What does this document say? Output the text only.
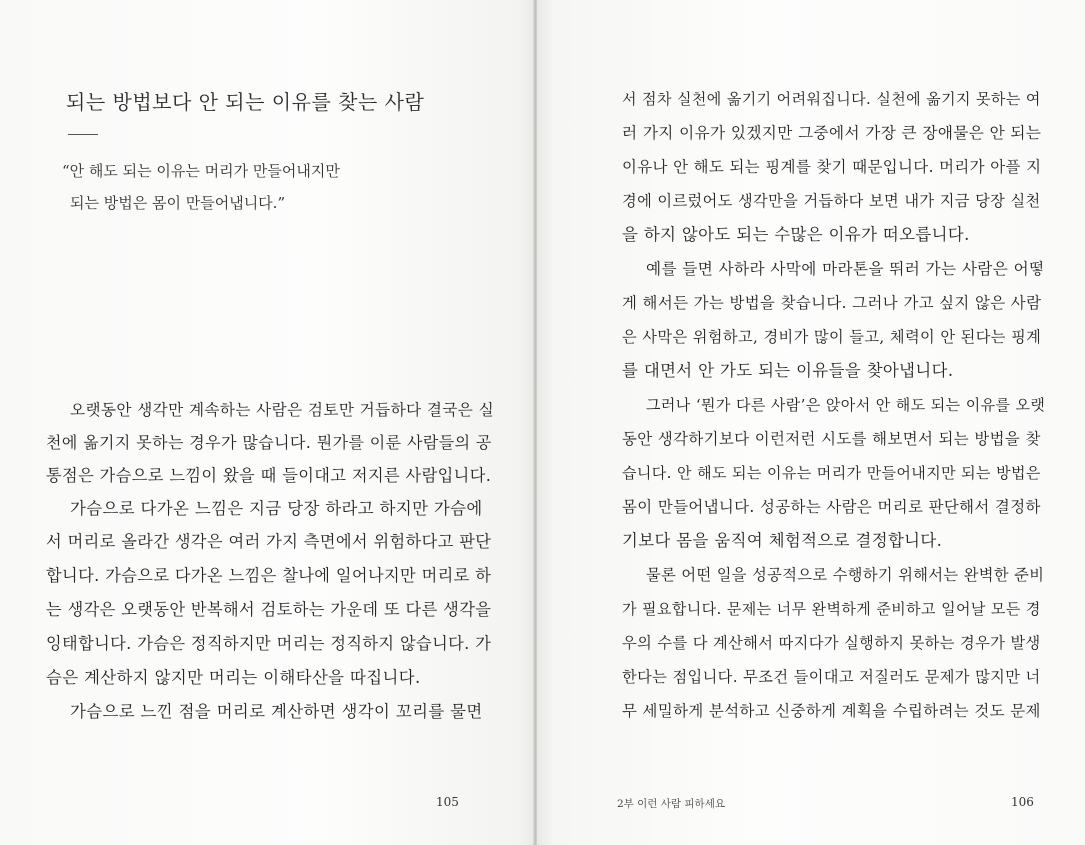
되는 방법보다 안 되는 이유를 찾는 사람
“안 해도 되는 이유는 머리가 만들어내지만
되는 방법은 몸이 만들어냅니다.”

오랫동안 생각만 계속하는 사람은 검토만 거듭하다 결국은 실

천에 옮기지 못하는 경우가 많습니다. 뭔가를 이룬 사람들의 공

통점은 가슴으로 느낌이 왔을 때 들이대고 저지른 사람입니다.

가슴으로 다가온 느낌은 지금 당장 하라고 하지만 가슴에

서 머리로 올라간 생각은 여러 가지 측면에서 위험하다고 판단

합니다. 가슴으로 다가온 느낌은 찰나에 일어나지만 머리로 하

는 생각은 오랫동안 반복해서 검토하는 가운데 또 다른 생각을

잉태합니다. 가슴은 정직하지만 머리는 정직하지 않습니다. 가

슴은 계산하지 않지만 머리는 이해타산을 따집니다.

가슴으로 느낀 점을 머리로 계산하면 생각이 꼬리를 물면

105

서 점차 실천에 옮기기 어려워집니다. 실천에 옮기지 못하는 여

러 가지 이유가 있겠지만 그중에서 가장 큰 장애물은 안 되는

이유나 안 해도 되는 핑계를 찾기 때문입니다. 머리가 아플 지

경에 이르렀어도 생각만을 거듭하다 보면 내가 지금 당장 실천

을 하지 않아도 되는 수많은 이유가 떠오릅니다.

예를 들면 사하라 사막에 마라톤을 뛰러 가는 사람은 어떻

게 해서든 가는 방법을 찾습니다. 그러나 가고 싶지 않은 사람

은 사막은 위험하고, 경비가 많이 들고, 체력이 안 된다는 핑계

를 대면서 안 가도 되는 이유들을 찾아냅니다.

그러나 ‘뭔가 다른 사람’은 앉아서 안 해도 되는 이유를 오랫

동안 생각하기보다 이런저런 시도를 해보면서 되는 방법을 찾

습니다. 안 해도 되는 이유는 머리가 만들어내지만 되는 방법은

몸이 만들어냅니다. 성공하는 사람은 머리로 판단해서 결정하

기보다 몸을 움직여 체험적으로 결정합니다.

물론 어떤 일을 성공적으로 수행하기 위해서는 완벽한 준비

가 필요합니다. 문제는 너무 완벽하게 준비하고 일어날 모든 경

우의 수를 다 계산해서 따지다가 실행하지 못하는 경우가 발생

한다는 점입니다. 무조건 들이대고 저질러도 문제가 많지만 너

무 세밀하게 분석하고 신중하게 계획을 수립하려는 것도 문제

2부 이런 사람 피하세요	106
